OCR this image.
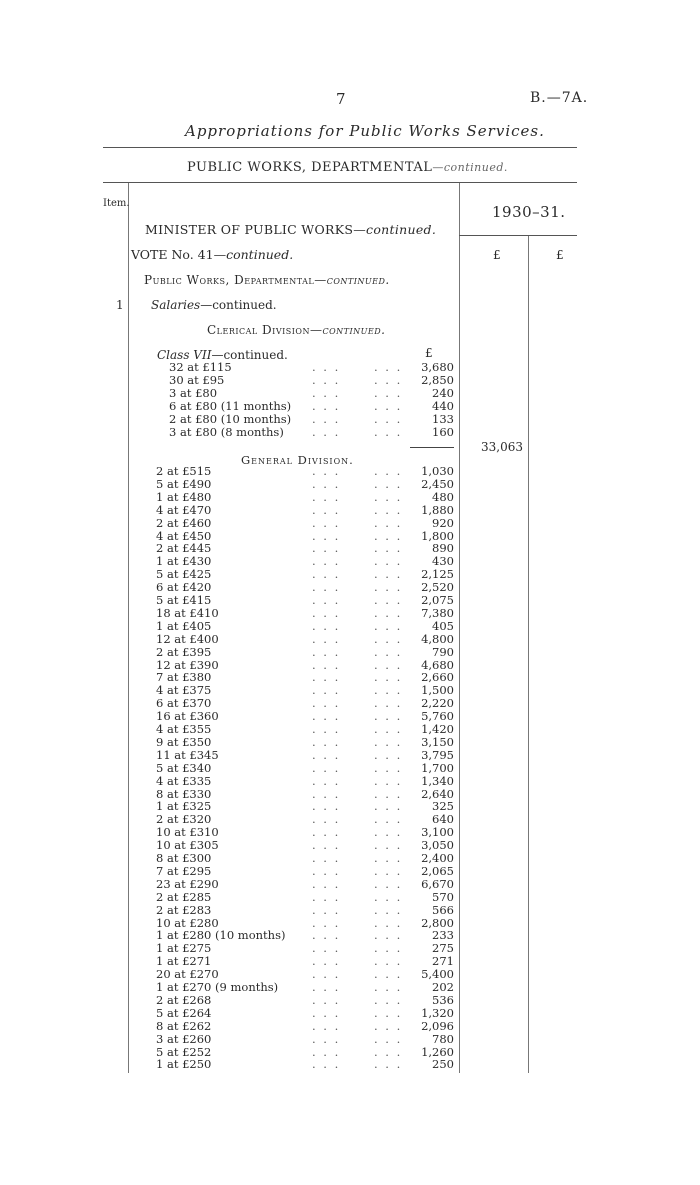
7	B.—7A.
Appropriations for Public Works Services.
PUBLIC WORKS, DEPARTMENTAL—continued.
Item.	1930–31.
MINISTER OF PUBLIC WORKS—continued.
VOTE No. 41—continued.	£	£
Public Works, Departmental—continued.
1 Salaries—continued.
Clerical Division—continued.
Class VII—continued.	£
32 at £115	. . .	. . .	3,680
30 at £95	. . .	. . .	2,850
3 at £80	. . .	. . .	240
6 at £80 (11 months) . . .	. . .	440
2 at £80 (10 months) . . .	. . .	133
3 at £80 (8 months) . . .	. . .	160
33,063
General Division.
2 at £515	. . .	. . .	1,030
5 at £490	. . .	. . .	2,450
1 at £480	. . .	. . .	480
4 at £470	. . .	. . .	1,880
2 at £460	. . .	. . .	920
4 at £450	. . .	. . .	1,800
2 at £445	. . .	. . .	890
1 at £430	. . .	. . .	430
5 at £425	. . .	. . .	2,125
6 at £420	. . .	. . .	2,520
5 at £415	. . .	. . .	2,075
18 at £410	. . .	. . .	7,380
1 at £405	. . .	. . .	405
12 at £400	. . .	. . .	4,800
2 at £395	. . .	. . .	790
12 at £390	. . .	. . .	4,680
7 at £380	. . .	. . .	2,660
4 at £375	. . .	. . .	1,500
6 at £370	. . .	. . .	2,220
16 at £360	. . .	. . .	5,760
4 at £355	. . .	. . .	1,420
9 at £350	. . .	. . .	3,150
11 at £345	. . .	. . .	3,795
5 at £340	. . .	. . .	1,700
4 at £335	. . .	. . .	1,340
8 at £330	. . .	. . .	2,640
1 at £325	. . .	. . .	325
2 at £320	. . .	. . .	640
10 at £310	. . .	. . .	3,100
10 at £305	. . .	. . .	3,050
8 at £300	. . .	. . .	2,400
7 at £295	. . .	. . .	2,065
23 at £290	. . .	. . .	6,670
2 at £285	. . .	. . .	570
2 at £283	. . .	. . .	566
10 at £280	. . .	. . .	2,800
1 at £280 (10 months) . . .	. . .	233
1 at £275	. . .	. . .	275
1 at £271	. . .	. . .	271
20 at £270	. . .	. . .	5,400
1 at £270 (9 months)	. . .	. . .	202
2 at £268	. . .	. . .	536
5 at £264	. . .	. . .	1,320
8 at £262	. . .	. . .	2,096
3 at £260	. . .	. . .	780
5 at £252	. . .	. . .	1,260
1 at £250	. . .	. . .	250
